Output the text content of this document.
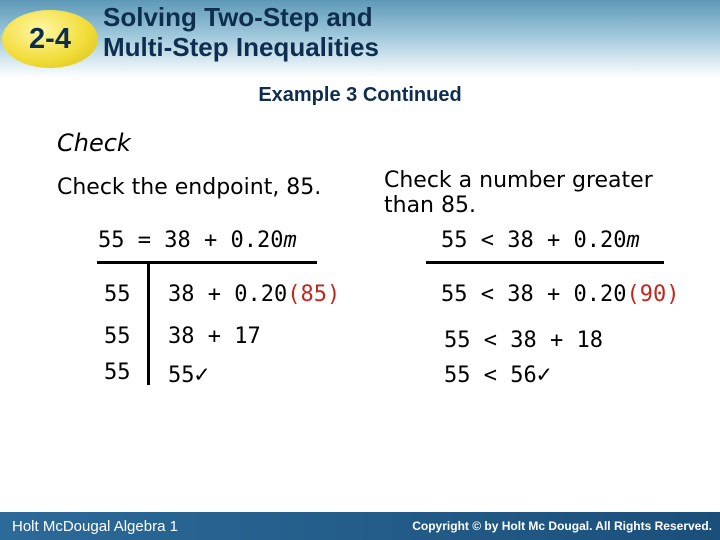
2-4
Solving Two-Step and
Multi-Step Inequalities
Example 3 Continued
Check
Check the endpoint, 85.
55 = 38 + 0.20m
55 38 + 0.20(85)
55 38 + 17
55 55✓
Check a number greater
than 85.
55 < 38 + 0.20m
55 < 38 + 0.20(90)
55 < 38 + 18
55 < 56✓
Holt McDougal Algebra 1	Copyright © by Holt Mc Dougal. All Rights Reserved.
